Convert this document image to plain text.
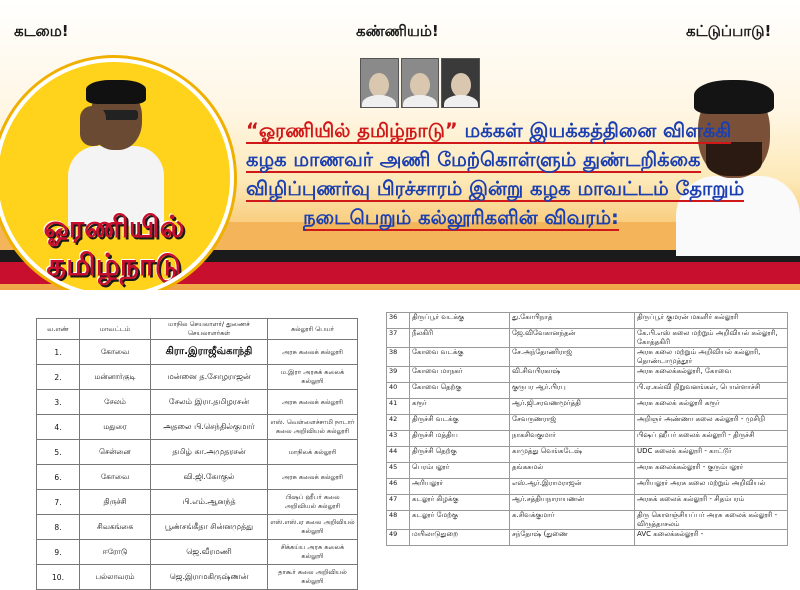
கடமை!	கண்ணியம்!	கட்டுப்பாடு!
ஓரணியில்
தமிழ்நாடு
“ஓரணியில் தமிழ்நாடு” மக்கள் இயக்கத்தினை விளக்கி
கழக மாணவர் அணி மேற்கொள்ளும் துண்டறிக்கை
விழிப்புணர்வு பிரச்சாரம் இன்று கழக மாவட்டம் தோறும்
நடைபெறும் கல்லூரிகளின் விவரம்:
வ.எண்	மாவட்டம்	மாநில செயலாளர்/ துணைச் செயலாளர்கள்	கல்லூரி பெயர்
1.	கோவை	கிரா.இராஜீவ்காந்தி	அரசு கலைக் கல்லூரி
2.	மன்னார்குடி	மன்னை த.சோழராஜன்	ம.இரா அரசுக் கலைக் கல்லூரி
3.	சேலம்	சேலம் இரா.தமிழரசன்	அரசு கலைக் கல்லூரி
4.	மதுரை	அதலை பி.செந்தில்குமார்	எஸ். வெள்ளைச்சாமி நாடார் கலை அறிவியல் கல்லூரி
5.	சென்னை	தமிழ் கா.அமுதரசன்	மாநிலக் கல்லூரி
6.	கோவை	வி.ஜி.கோகுல்	அரசு கலைக் கல்லூரி
7.	திருச்சி	பி.எம்.ஆனந்த்	பிஷப் ஹீபர் கலை அறிவியல் கல்லூரி
8.	சிவகங்கை	பூண்சங்கீதா சின்னமுத்து	எஸ்.எஸ்.ஏ கலை அறிவியல் கல்லூரி
9.	ஈரோடு	ஜெ.வீரமணி	சிக்கய்ய அரசு கலைக் கல்லூரி
10.	பல்லாவரம்	ஜெ.இராமகிருஷ்ணன்	தாகூர் கலை அறிவியல் கல்லூரி
36	திருப்பூர் வடக்கு	து.கோபிநாத்	திருப்பூர் குமரன் மகளிர் கல்லூரி
37	நீலகிரி	ஜே.விவேகானந்தன்	கே.பி.எஸ் கலை மற்றும் அறிவியல் கல்லூரி, கோத்தகிரி
38	கோவை வடக்கு	சே.அந்தோணிராஜ்	அரசு கலை மற்றும் அறிவியல் கல்லூரி, தொண்டாமுத்தூர்
39	கோவை மாநகர்	வி.சிவபிரகாஷ்	அரசு கலைக்கல்லூரி, கோவை
40	கோவை தெற்கு	குருபர ஆர்.பிரபு	பி.ஏ.கல்வி நிறுவனங்கள், பொள்ளாச்சி
41	கரூர்	ஆர்.ஜி.சரவணமூர்த்தி	அரசு கலைக் கல்லூரி கரூர்
42	திருச்சி வடக்கு	சேவருணராஜ்	அறிஞர் அண்ணா கலை கல்லூரி - முசிறி
43	திருச்சி மத்திய	நாகசிவகுமார்	பிஷப் ஹீபர் கலைக் கல்லூரி - திருச்சி
44	திருச்சி தெற்கு	காமுத்து வெங்கடேஷ்	UDC கலைக் கல்லூரி - காட்டூர்
45	பெரம்பலூர்	தங்கசுமல்	அரசு கலைக்கல்லூரி - குரும்பலூர்
46	அரியலூர்	எஸ்.ஆர்.இராமராஜன்	அரியலூர் அரசு கலை மற்றும் அறிவியல்
47	கடலூர் கிழக்கு	ஆர்.சத்தியநாராயணன்	அரசுக் கலைக் கல்லூரி - சிதம்பரம்
48	கடலூர் மேற்கு	க.சிவக்குமார்	திரு கொளஞ்சியப்பர் அரசு கலைக் கல்லூரி - விருத்தாசலம்
49	மயிலாடுதுறை	சந்தோஷ் (துணை	AVC கலைக்கல்லூரி -
